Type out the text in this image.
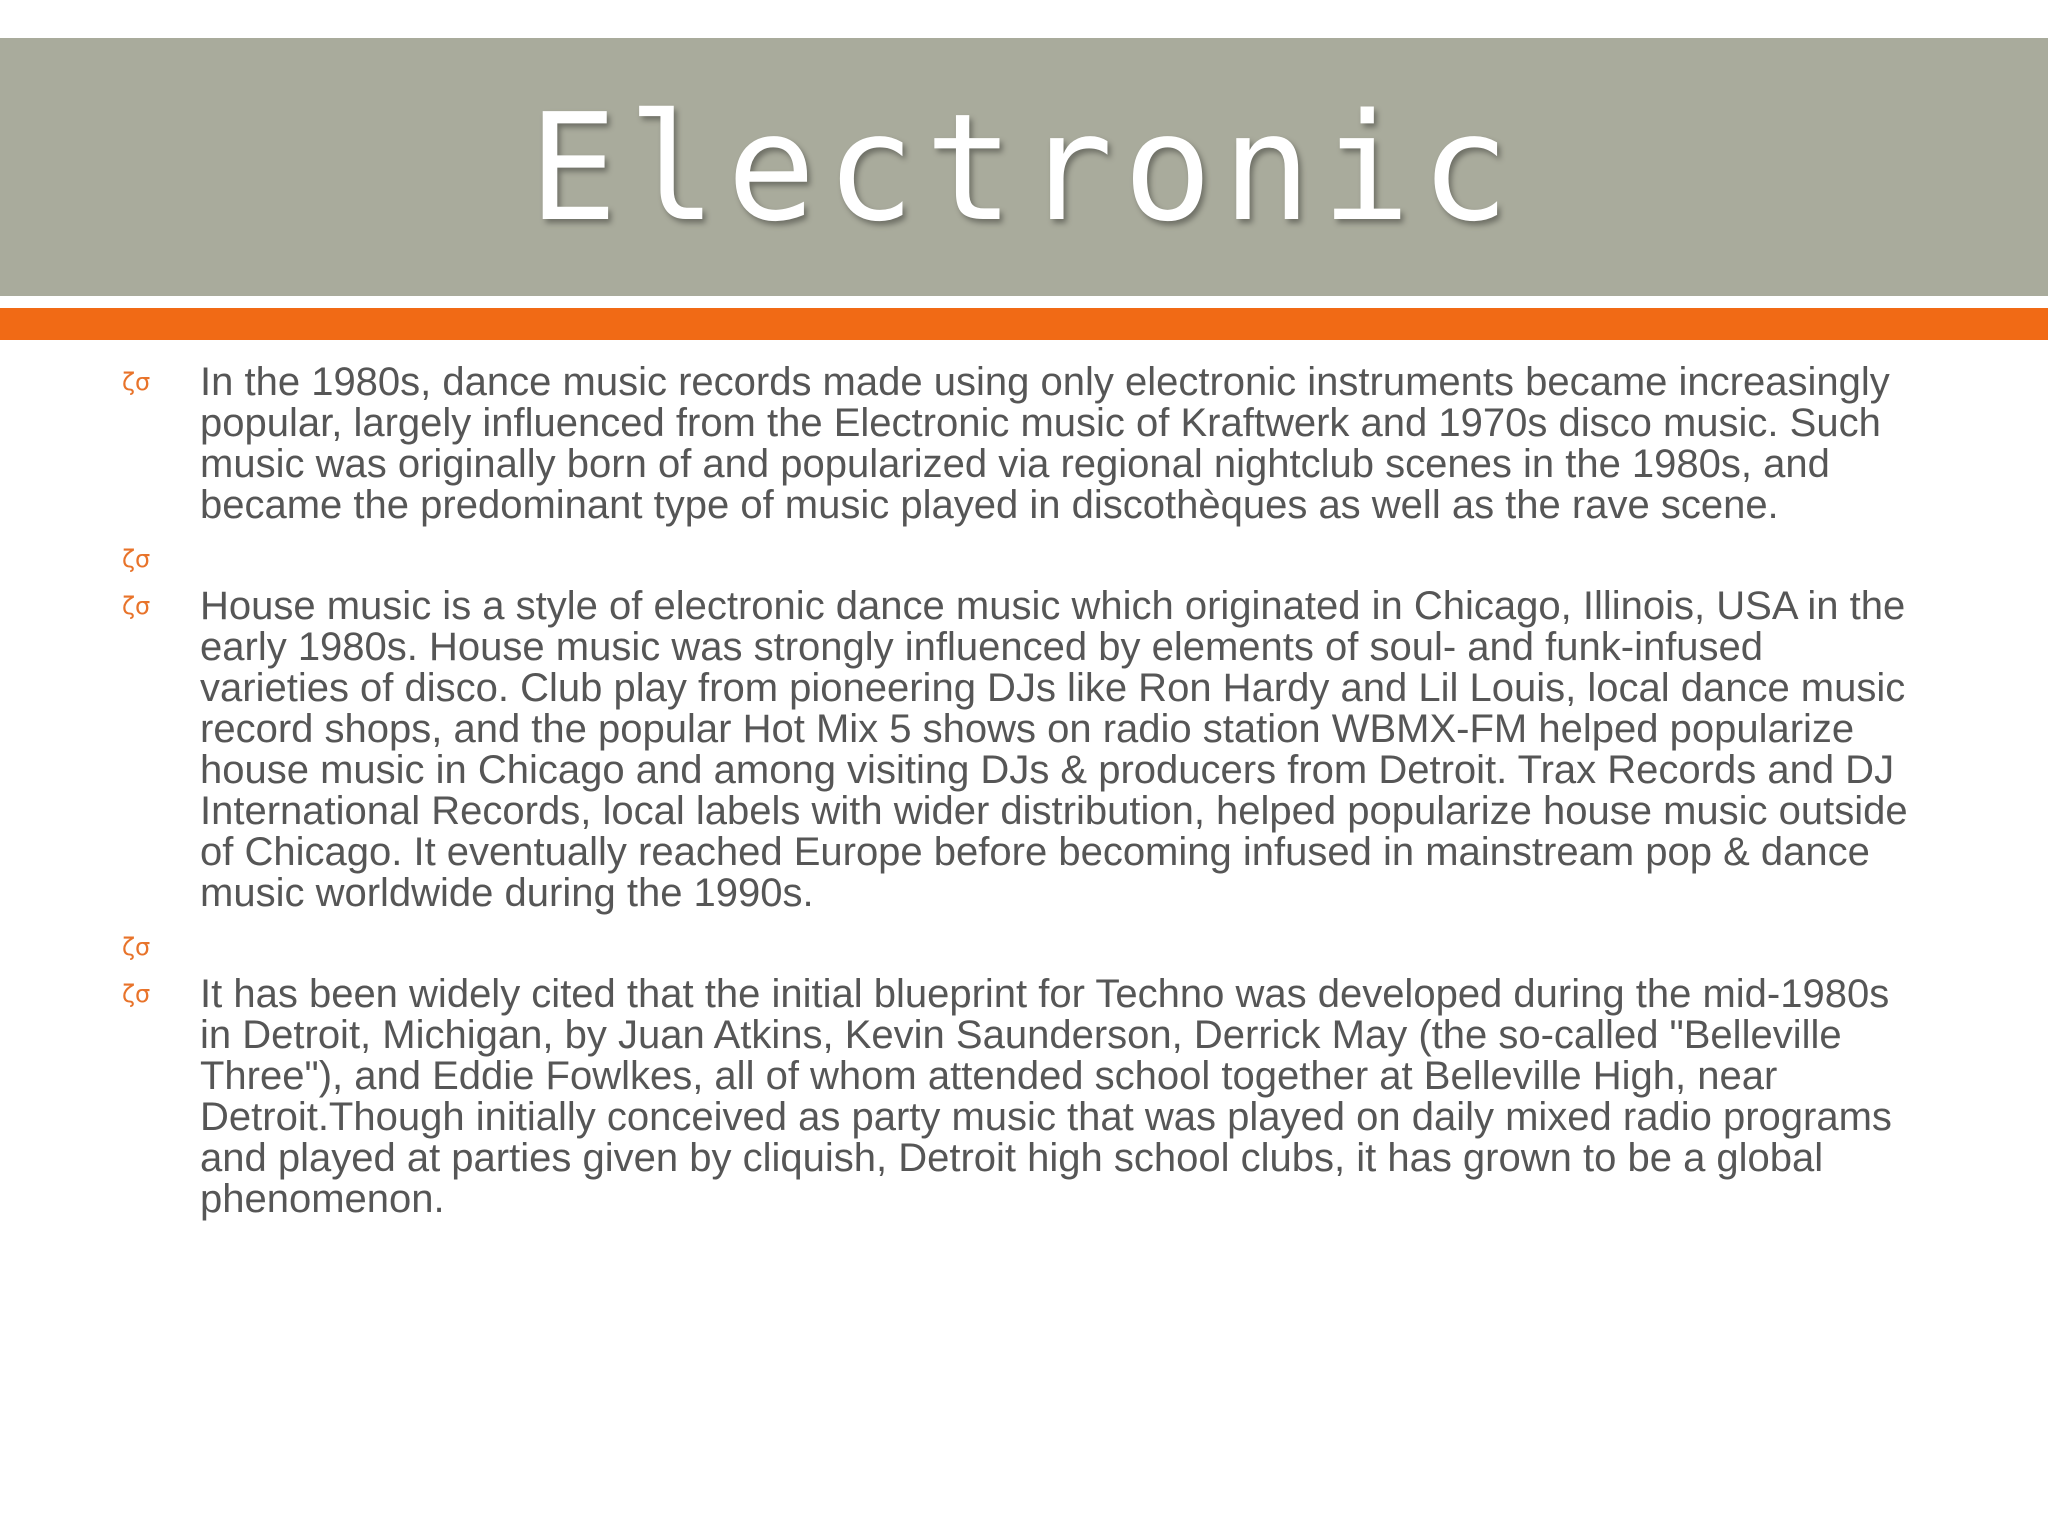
Electronic

ζσ In the 1980s, dance music records made using only electronic instruments became increasingly popular, largely influenced from the Electronic music of Kraftwerk and 1970s disco music. Such music was originally born of and popularized via regional nightclub scenes in the 1980s, and became the predominant type of music played in discothèques as well as the rave scene.

ζσ

ζσ House music is a style of electronic dance music which originated in Chicago, Illinois, USA in the early 1980s. House music was strongly influenced by elements of soul- and funk-infused varieties of disco. Club play from pioneering DJs like Ron Hardy and Lil Louis, local dance music record shops, and the popular Hot Mix 5 shows on radio station WBMX-FM helped popularize house music in Chicago and among visiting DJs & producers from Detroit. Trax Records and DJ International Records, local labels with wider distribution, helped popularize house music outside of Chicago. It eventually reached Europe before becoming infused in mainstream pop & dance music worldwide during the 1990s.

ζσ

ζσ It has been widely cited that the initial blueprint for Techno was developed during the mid-1980s in Detroit, Michigan, by Juan Atkins, Kevin Saunderson, Derrick May (the so-called "Belleville Three"), and Eddie Fowlkes, all of whom attended school together at Belleville High, near Detroit.Though initially conceived as party music that was played on daily mixed radio programs and played at parties given by cliquish, Detroit high school clubs, it has grown to be a global phenomenon.
